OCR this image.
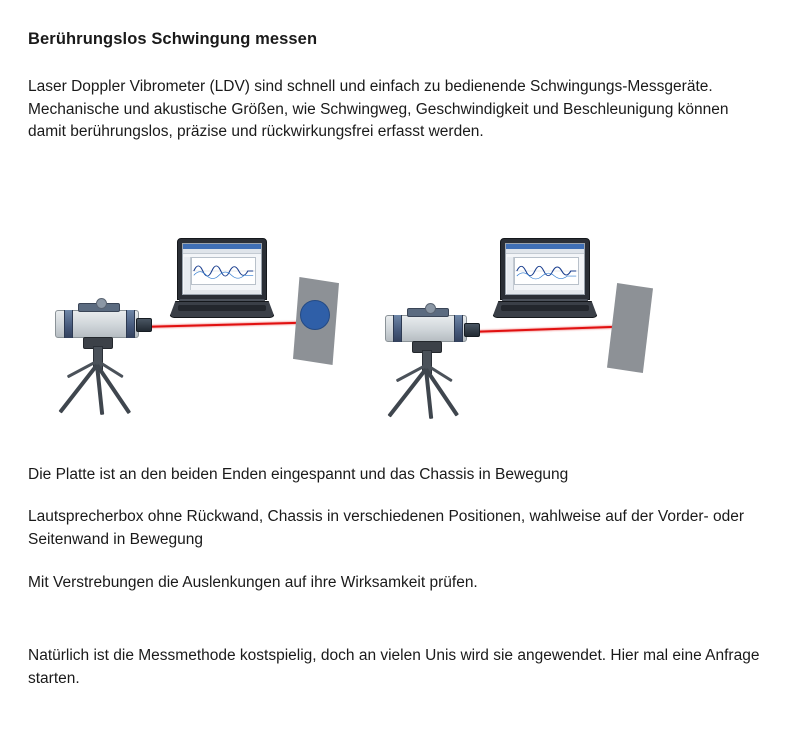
Berührungslos Schwingung messen
Laser Doppler Vibrometer (LDV) sind schnell und einfach zu bedienende Schwingungs-Messgeräte. Mechanische und akustische Größen, wie Schwingweg, Geschwindigkeit und Beschleunigung können damit berührungslos, präzise und rückwirkungsfrei erfasst werden.
Die Platte ist an den beiden Enden eingespannt und das Chassis in Bewegung
Lautsprecherbox ohne Rückwand, Chassis in verschiedenen Positionen, wahlweise auf der Vorder- oder Seitenwand in Bewegung
Mit Verstrebungen die Auslenkungen auf ihre Wirksamkeit prüfen.
Natürlich ist die Messmethode kostspielig, doch an vielen Unis wird sie angewendet. Hier mal eine Anfrage starten.
